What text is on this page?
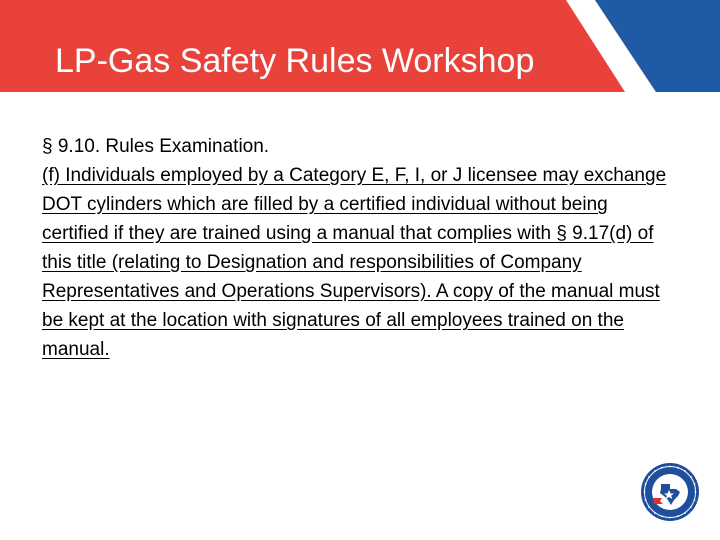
LP-Gas Safety Rules Workshop

§ 9.10. Rules Examination.

(f) Individuals employed by a Category E, F, I, or J licensee may exchange DOT cylinders which are filled by a certified individual without being certified if they are trained using a manual that complies with § 9.17(d) of this title (relating to Designation and responsibilities of Company Representatives and Operations Supervisors). A copy of the manual must be kept at the location with signatures of all employees trained on the manual.
